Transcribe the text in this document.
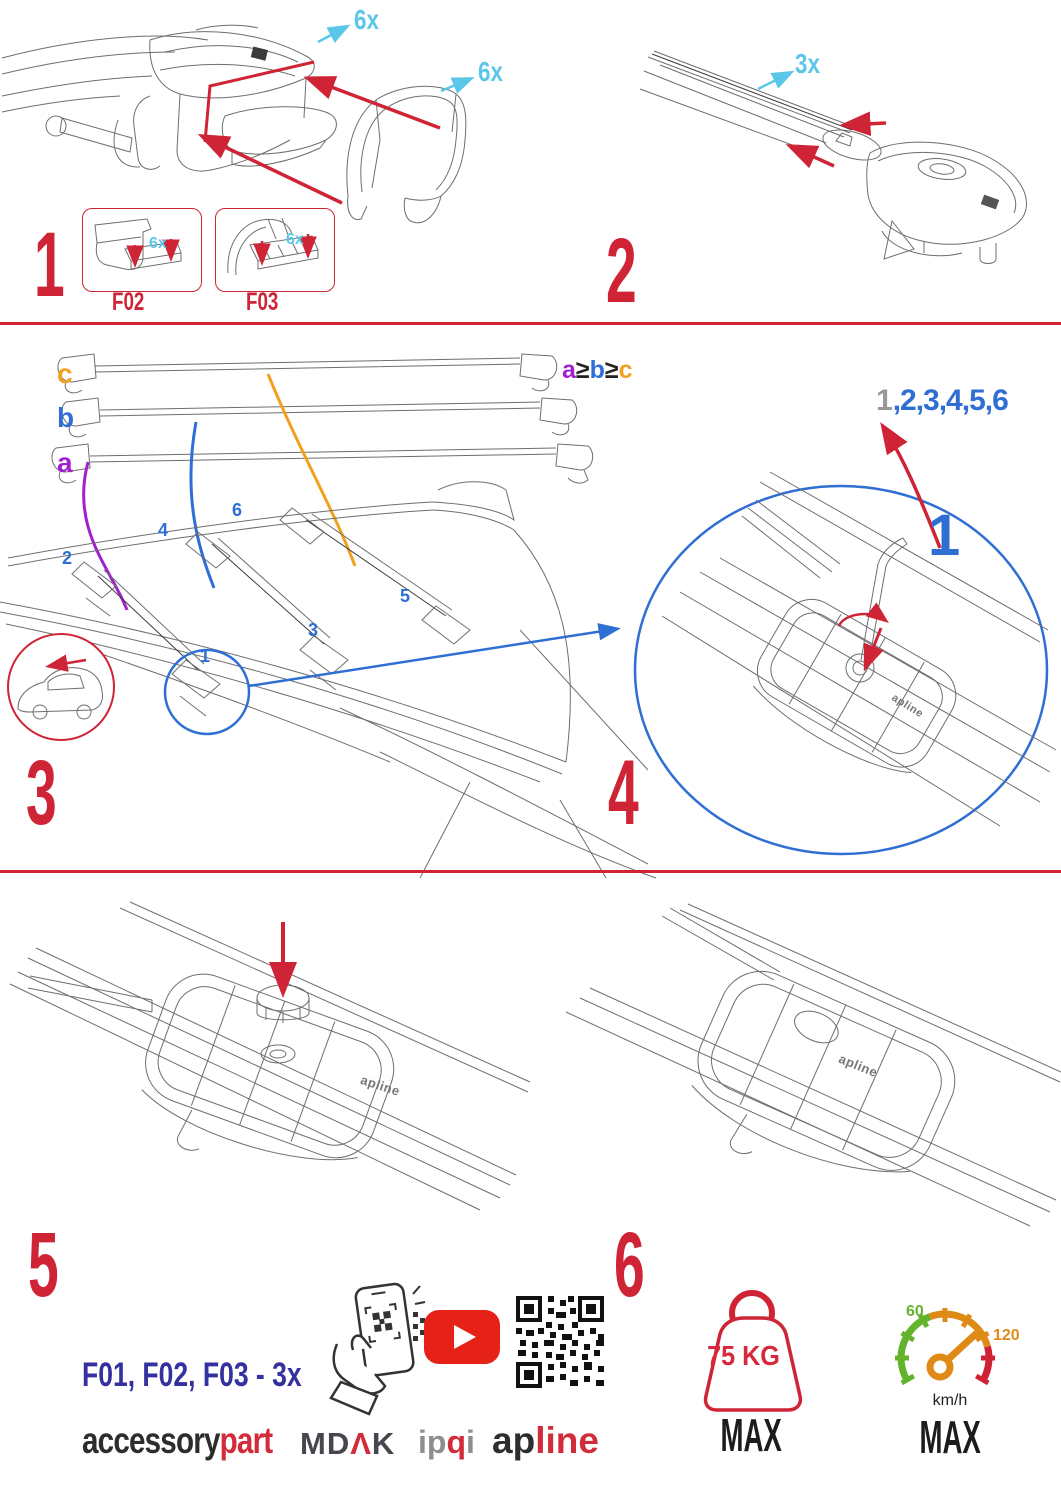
6x
6x
6x
F02
6x
F03
1
3x
2
c
b
a
a≥b≥c
2
4
6
3
5
1
3
1,2,3,4,5,6
1
apline
4
apline
5
apline
6
F01, F02, F03 - 3x
accessorypart MDΛK ipqi apline
75 KG
MAX
60
120
km/h
MAX
